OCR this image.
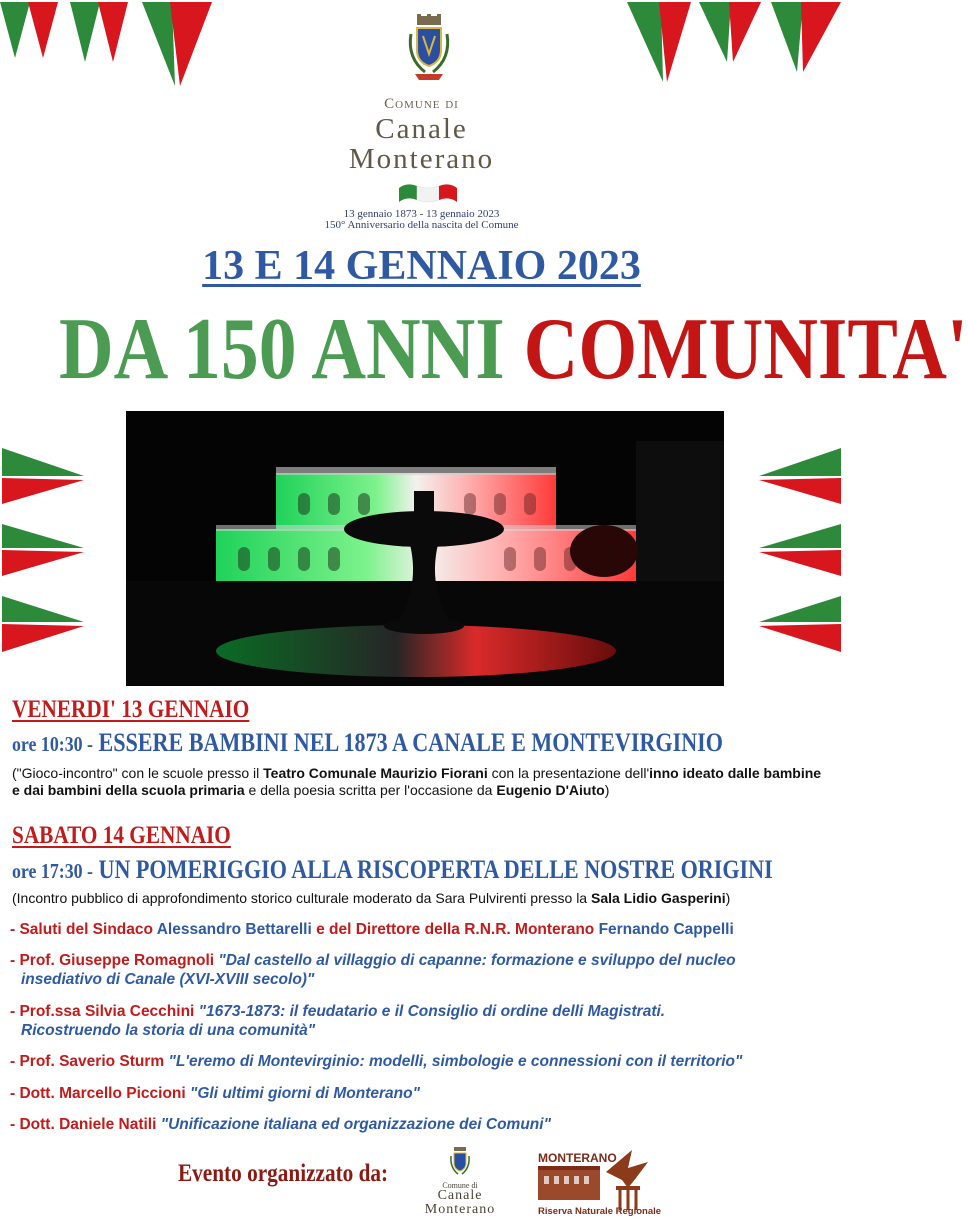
Comune di
Canale
Monterano
13 gennaio 1873 - 13 gennaio 2023
150° Anniversario della nascita del Comune
13 E 14 GENNAIO 2023
DA 150 ANNI COMUNITA'
VENERDI' 13 GENNAIO
ore 10:30 - ESSERE BAMBINI NEL 1873 A CANALE E MONTEVIRGINIO
("Gioco-incontro" con le scuole presso il Teatro Comunale Maurizio Fiorani con la presentazione dell'inno ideato dalle bambine e dai bambini della scuola primaria e della poesia scritta per l'occasione da Eugenio D'Aiuto)
SABATO 14 GENNAIO
ore 17:30 - UN POMERIGGIO ALLA RISCOPERTA DELLE NOSTRE ORIGINI
(Incontro pubblico di approfondimento storico culturale moderato da Sara Pulvirenti presso la Sala Lidio Gasperini)
- Saluti del Sindaco Alessandro Bettarelli e del Direttore della R.N.R. Monterano Fernando Cappelli
- Prof. Giuseppe Romagnoli "Dal castello al villaggio di capanne: formazione e sviluppo del nucleo
insediativo di Canale (XVI-XVIII secolo)"
- Prof.ssa Silvia Cecchini "1673-1873: il feudatario e il Consiglio di ordine delli Magistrati.
Ricostruendo la storia di una comunità"
- Prof. Saverio Sturm "L'eremo di Montevirginio: modelli, simbologie e connessioni con il territorio"
- Dott. Marcello Piccioni "Gli ultimi giorni di Monterano"
- Dott. Daniele Natili "Unificazione italiana ed organizzazione dei Comuni"
Evento organizzato da:	Comune di
Canale
Monterano
MONTERANO
Riserva Naturale Regionale
